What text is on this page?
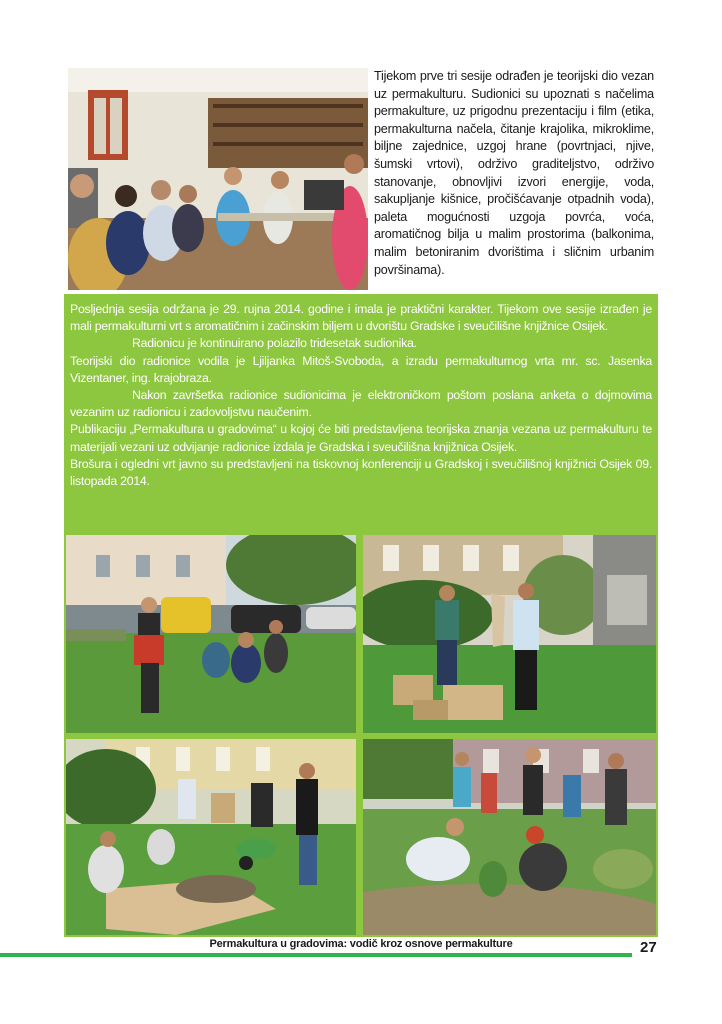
Tijekom prve tri sesije odrađen je teorijski dio vezan uz permakulturu. Sudionici su upoznati s načelima permakulture, uz prigodnu prezentaciju i film (etika, permakulturna načela, čitanje krajolika, mikroklime, biljne zajednice, uzgoj hrane (povrtnjaci, njive, šumski vrtovi), održivo graditeljstvo, održivo stanovanje, obnovljivi izvori energije, voda, sakupljanje kišnice, pročišćavanje otpadnih voda), paleta mogućnosti uzgoja povrća, voća, aromatičnog bilja u malim prostorima (balkonima, malim betoniranim dvorištima i sličnim urbanim površinama).

Posljednja sesija održana je 29. rujna 2014. godine i imala je praktični karakter. Tijekom ove sesije izrađen je mali permakulturni vrt s aromatičnim i začinskim biljem u dvorištu Gradske i sveučilišne knjižnice Osijek.

Radionicu je kontinuirano polazilo tridesetak sudionika.

Teorijski dio radionice vodila je Ljiljanka Mitoš-Svoboda, a izradu permakulturnog vrta mr. sc. Jasenka Vizentaner, ing. krajobraza.

Nakon završetka radionice sudionicima je elektroničkom poštom poslana anketa o dojmovima vezanim uz radionicu i zadovoljstvu naučenim.

Publikaciju „Permakultura u gradovima“ u kojoj će biti predstavljena teorijska znanja vezana uz permakulturu te materijali vezani uz odvijanje radionice izdala je Gradska i sveučilišna knjižnica Osijek.

Brošura i ogledni vrt javno su predstavljeni na tiskovnoj konferenciji u Gradskoj i sveučilišnoj knjižnici Osijek 09. listopada 2014.

Permakultura u gradovima: vodič kroz osnove permakulture	27
